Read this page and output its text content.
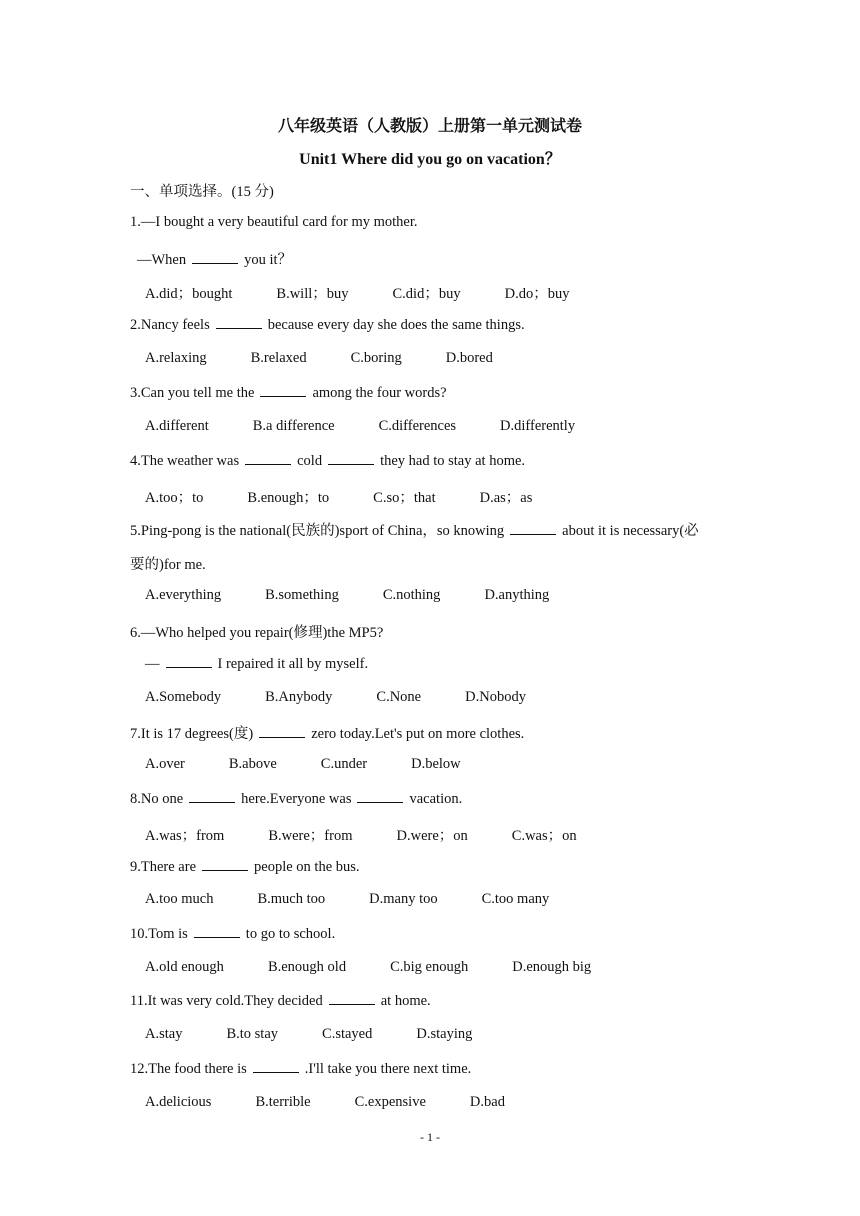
八年级英语（人教版）上册第一单元测试卷
Unit1 Where did you go on vacation？
一、单项选择。(15 分)
1.—I bought a very beautiful card for my mother.
—When	you it？
A.did；bought	B.will；buy	C.did；buy	D.do；buy
2.Nancy feels	because every day she does the same things.
A.relaxing	B.relaxed	C.boring	D.bored
3.Can you tell me the	among the four words?
A.different	B.a difference	C.differences	D.differently
4.The weather was	cold	they had to stay at home.
A.too；to	B.enough；to	C.so；that	D.as；as
5.Ping-pong is the national(民族的)sport of China，so knowing	about it is necessary(必
要的)for me.
A.everything	B.something	C.nothing	D.anything
6.—Who helped you repair(修理)the MP5?
—	I repaired it all by myself.
A.Somebody	B.Anybody	C.None	D.Nobody
7.It is 17 degrees(度)	zero today.Let's put on more clothes.
A.over	B.above	C.under	D.below
8.No one	here.Everyone was	vacation.
A.was；from	B.were；from	D.were；on	C.was；on
9.There are	people on the bus.
A.too much	B.much too	D.many too	C.too many
10.Tom is	to go to school.
A.old enough	B.enough old	C.big enough	D.enough big
11.It was very cold.They decided	at home.
A.stay	B.to stay	C.stayed	D.staying
12.The food there is	.I'll take you there next time.
A.delicious	B.terrible	C.expensive	D.bad
- 1 -
